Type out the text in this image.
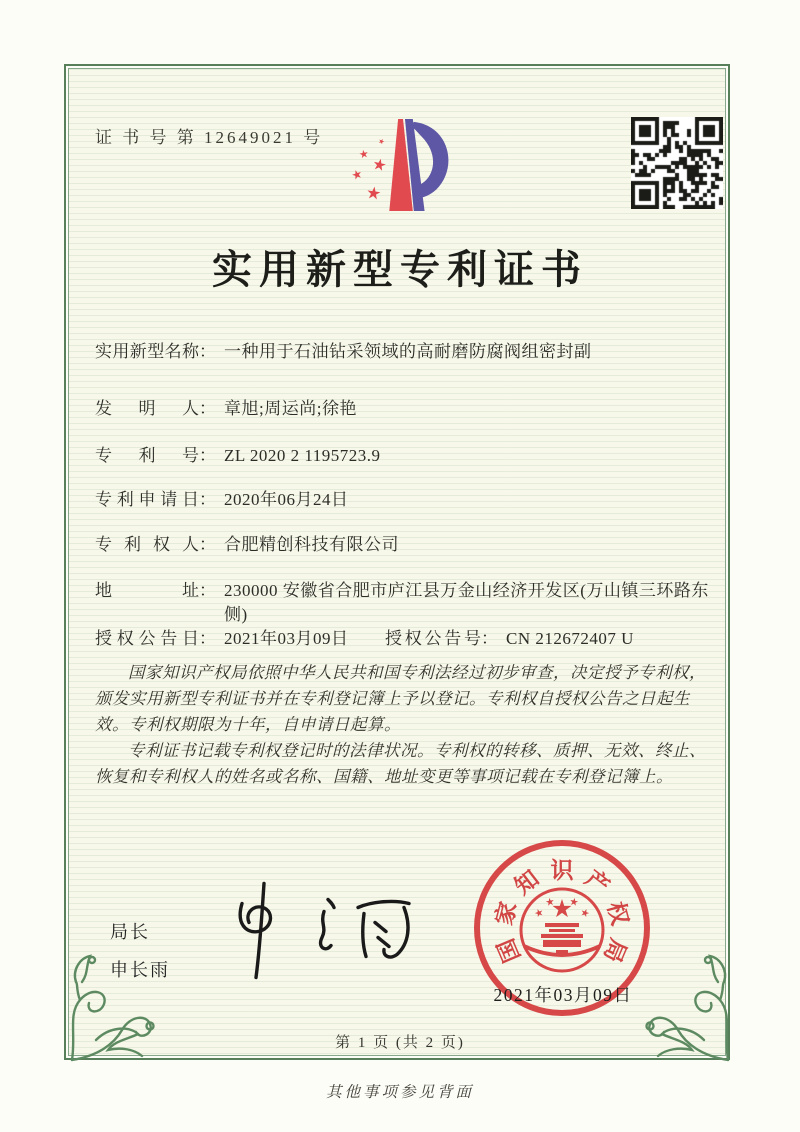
证 书 号 第 12649021 号
实用新型专利证书
实用新型名称： 一种用于石油钻采领域的高耐磨防腐阀组密封副
发明人： 章旭;周运尚;徐艳
专利号： ZL 2020 2 1195723.9
专利申请日： 2020年06月24日
专利权人： 合肥精创科技有限公司
地址： 230000 安徽省合肥市庐江县万金山经济开发区(万山镇三环路东侧)
授权公告日： 2021年03月09日 授权公告号： CN 212672407 U

国家知识产权局依照中华人民共和国专利法经过初步审查，决定授予专利权，颁发实用新型专利证书并在专利登记簿上予以登记。专利权自授权公告之日起生效。专利权期限为十年，自申请日起算。

专利证书记载专利权登记时的法律状况。专利权的转移、质押、无效、终止、恢复和专利权人的姓名或名称、国籍、地址变更等事项记载在专利登记簿上。

局长
申长雨
国
家
知 识 产
权
局
2021年03月09日
第 1 页 (共 2 页)
其他事项参见背面
